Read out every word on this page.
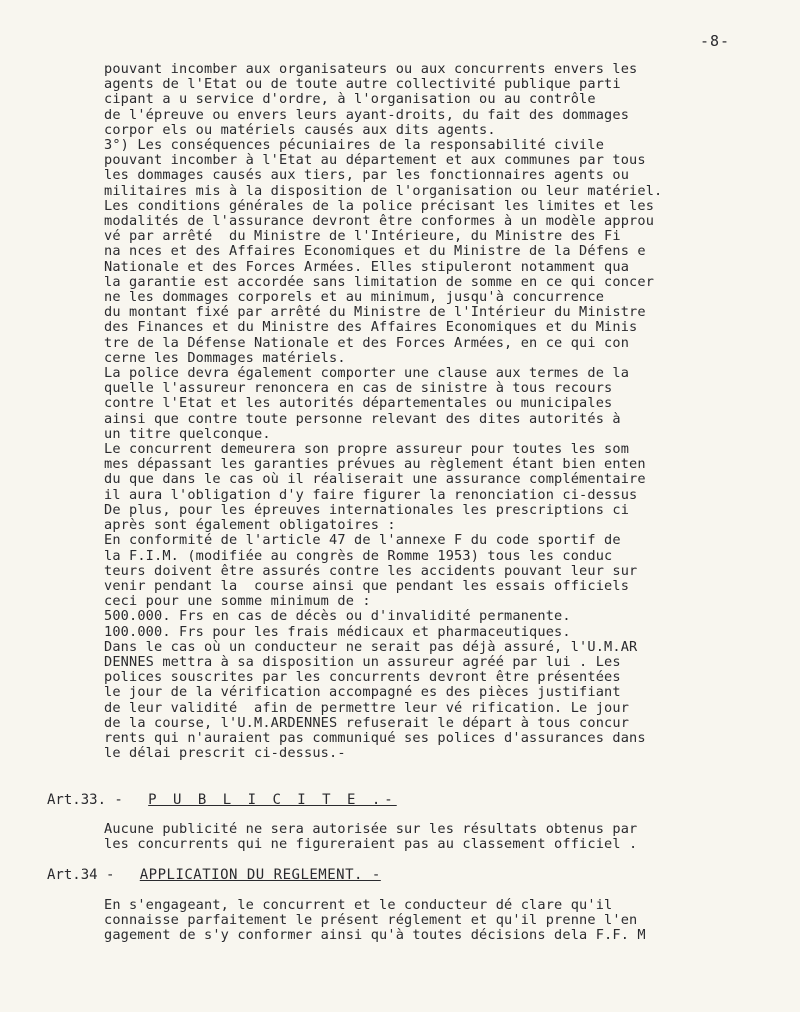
-8-
pouvant incomber aux organisateurs ou aux concurrents envers les
agents de l'Etat ou de toute autre collectivité publique parti
cipant a u service d'ordre, à l'organisation ou au contrôle
de l'épreuve ou envers leurs ayant-droits, du fait des dommages
corpor els ou matériels causés aux dits agents.
3°) Les conséquences pécuniaires de la responsabilité civile
pouvant incomber à l'Etat au département et aux communes par tous
les dommages causés aux tiers, par les fonctionnaires agents ou
militaires mis à la disposition de l'organisation ou leur matériel.
Les conditions générales de la police précisant les limites et les
modalités de l'assurance devront être conformes à un modèle approu
vé par arrêté  du Ministre de l'Intérieure, du Ministre des Fi
na nces et des Affaires Economiques et du Ministre de la Défens e
Nationale et des Forces Armées. Elles stipuleront notamment qua
la garantie est accordée sans limitation de somme en ce qui concer
ne les dommages corporels et au minimum, jusqu'à concurrence
du montant fixé par arrêté du Ministre de l'Intérieur du Ministre
des Finances et du Ministre des Affaires Economiques et du Minis
tre de la Défense Nationale et des Forces Armées, en ce qui con
cerne les Dommages matériels.
La police devra également comporter une clause aux termes de la
quelle l'assureur renoncera en cas de sinistre à tous recours
contre l'Etat et les autorités départementales ou municipales
ainsi que contre toute personne relevant des dites autorités à
un titre quelconque.
Le concurrent demeurera son propre assureur pour toutes les som
mes dépassant les garanties prévues au règlement étant bien enten
du que dans le cas où il réaliserait une assurance complémentaire
il aura l'obligation d'y faire figurer la renonciation ci-dessus
De plus, pour les épreuves internationales les prescriptions ci
après sont également obligatoires :
En conformité de l'article 47 de l'annexe F du code sportif de
la F.I.M. (modifiée au congrès de Romme 1953) tous les conduc
teurs doivent être assurés contre les accidents pouvant leur sur
venir pendant la  course ainsi que pendant les essais officiels
ceci pour une somme minimum de :
500.000. Frs en cas de décès ou d'invalidité permanente.
100.000. Frs pour les frais médicaux et pharmaceutiques.
Dans le cas où un conducteur ne serait pas déjà assuré, l'U.M.AR
DENNES mettra à sa disposition un assureur agréé par lui . Les
polices souscrites par les concurrents devront être présentées
le jour de la vérification accompagné es des pièces justifiant
de leur validité  afin de permettre leur vé rification. Le jour
de la course, l'U.M.ARDENNES refuserait le départ à tous concur
rents qui n'auraient pas communiqué ses polices d'assurances dans
le délai prescrit ci-dessus.-
Art.33. - P U B L I C I T E .-
Aucune publicité ne sera autorisée sur les résultats obtenus par
les concurrents qui ne figureraient pas au classement officiel .
Art.34 - APPLICATION DU REGLEMENT. -
En s'engageant, le concurrent et le conducteur dé clare qu'il
connaisse parfaitement le présent réglement et qu'il prenne l'en
gagement de s'y conformer ainsi qu'à toutes décisions dela F.F. M
